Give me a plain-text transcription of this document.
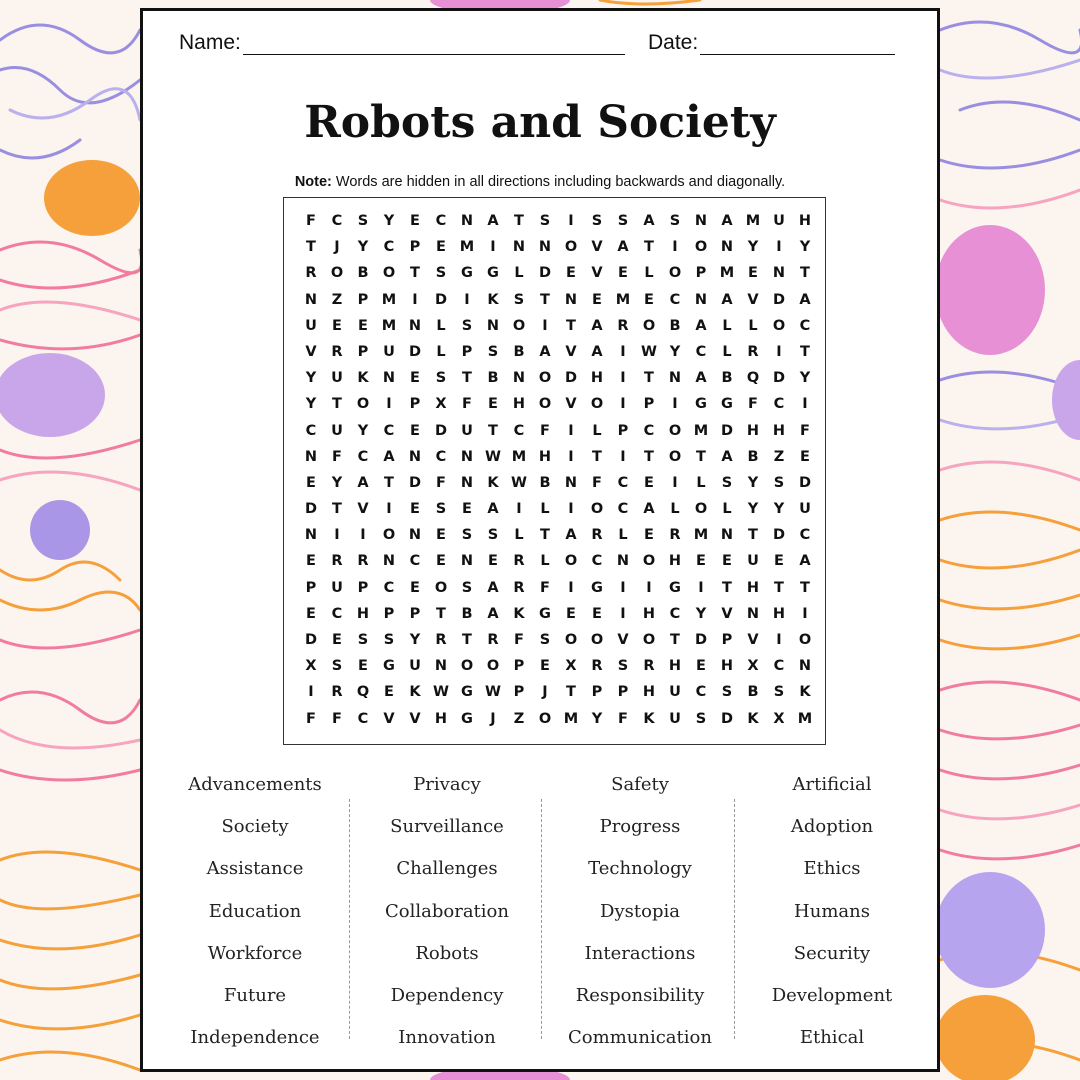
Name:	Date:
Robots and Society
Note: Words are hidden in all directions including backwards and diagonally.
F	C	S	Y	E	C	N A	T	S	I	S	S	A	S	N A M U H
T	J	Y	C	P	E M	I	N N O V	A	T	I	O N	Y	I	Y
R O B O	T	S	G G	L	D	E	V	E	L	O	P M E	N	T
N	Z	P M	I	D	I	K	S	T	N	E M E	C	N A	V D A
U	E	E M N	L	S	N O	I	T	A	R O B	A	L	L	O	C
V	R	P	U D	L	P	S	B	A	V	A	I	W Y	C	L	R	I	T
Y	U K N	E	S	T	B N O D H	I	T	N A	B Q D	Y
Y	T	O	I	P	X	F	E	H O V O	I	P	I	G G	F	C	I
C	U	Y	C	E	D U	T	C	F	I	L	P	C	O M D H H	F
N	F	C	A N	C	N W M H	I	T	I	T	O	T	A	B	Z	E
E	Y	A	T	D	F	N K W B N	F	C	E	I	L	S	Y	S	D
D	T	V	I	E	S	E	A	I	L	I	O	C	A	L	O	L	Y	Y	U
N	I	I	O N	E	S	S	L	T	A	R	L	E	R M N	T	D	C
E	R	R N	C	E	N	E	R	L	O	C	N O H	E	E	U	E	A
P	U	P	C	E	O	S	A	R	F	I	G	I	I	G	I	T	H	T	T
E	C	H	P	P	T	B	A	K G	E	E	I	H	C	Y	V N H	I
D	E	S	S	Y	R	T	R	F	S	O O V O	T	D	P	V	I	O
X	S	E	G U N O O	P	E	X	R	S	R H	E	H X	C	N
I	R Q	E	K W G W P	J	T	P	P	H U	C	S	B	S	K
F	F	C	V	V H G	J	Z	O M Y	F	K U	S	D K	X M
Advancements
Society
Assistance
Education
Workforce
Future
Independence
Privacy
Surveillance
Challenges
Collaboration
Robots
Dependency
Innovation
Safety
Progress
Technology
Dystopia
Interactions
Responsibility
Communication
Artificial
Adoption
Ethics
Humans
Security
Development
Ethical
